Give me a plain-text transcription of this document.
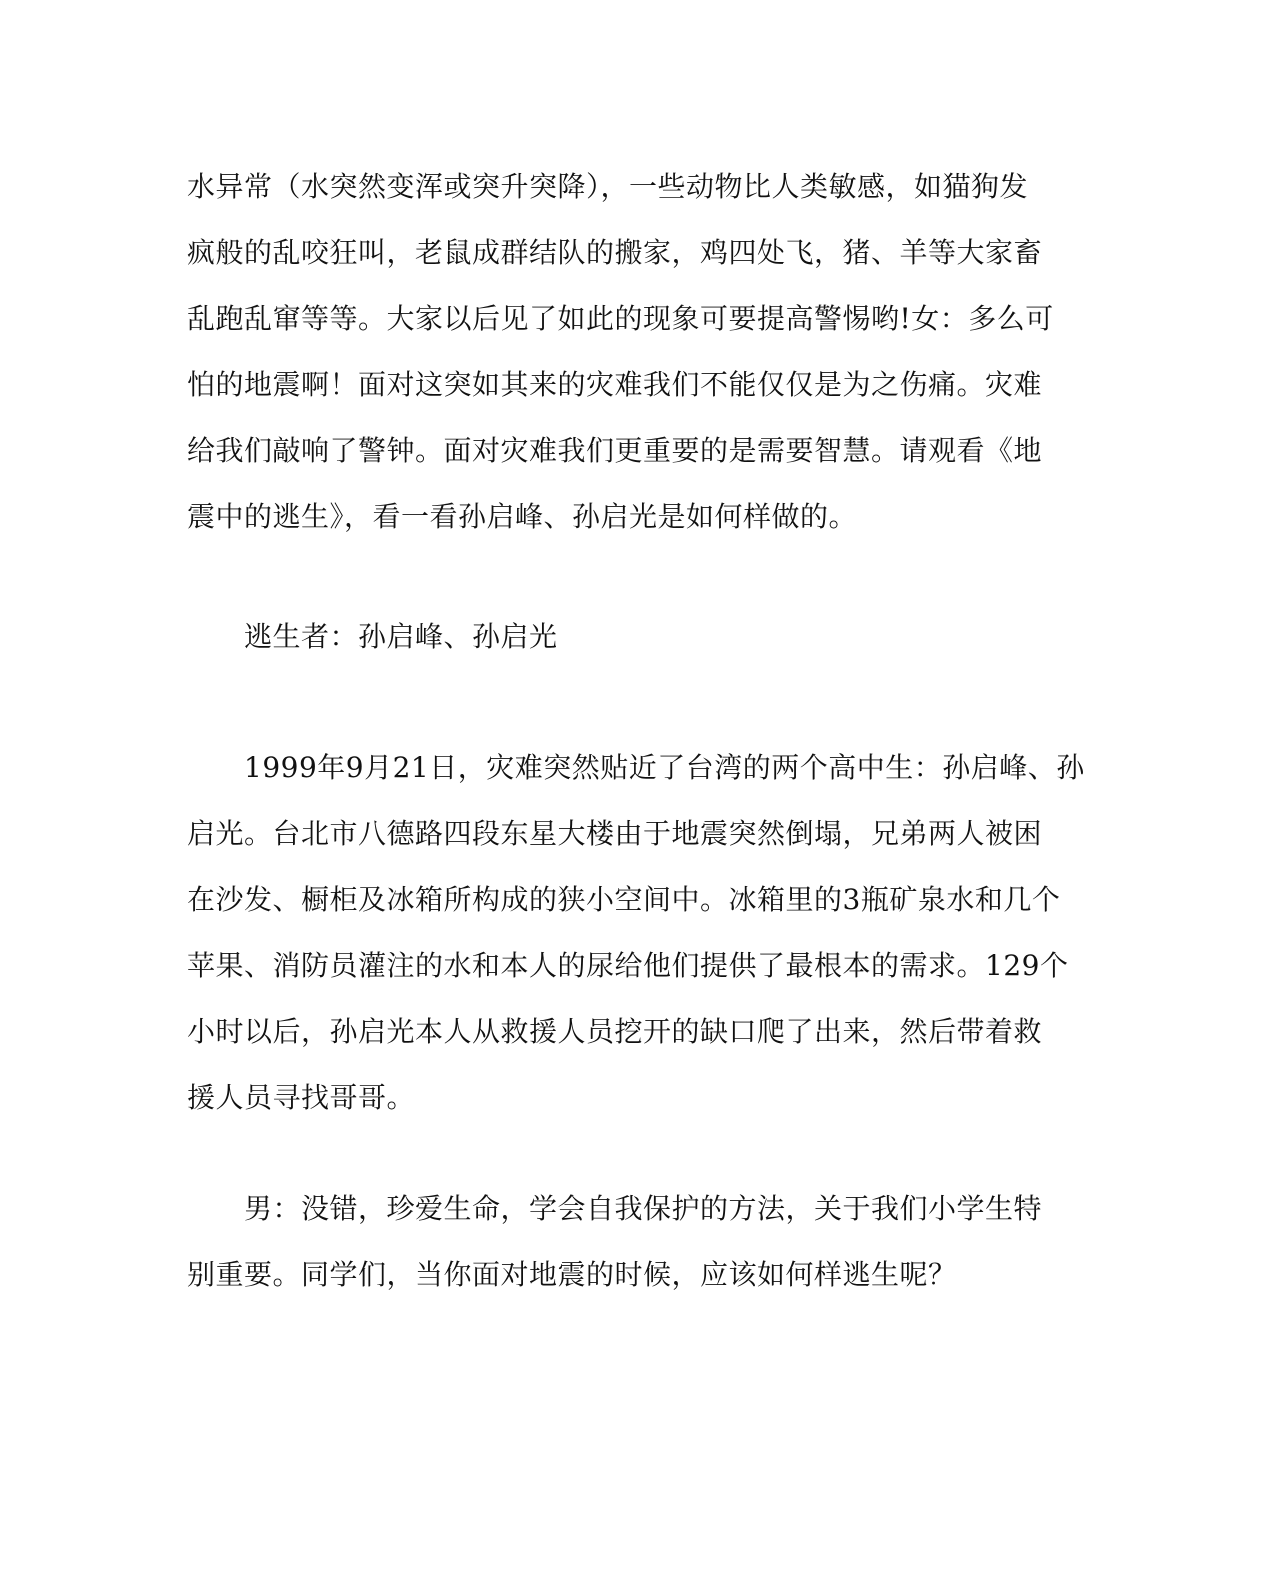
水异常（水突然变浑或突升突降），一些动物比人类敏感，如猫狗发
疯般的乱咬狂叫，老鼠成群结队的搬家，鸡四处飞，猪、羊等大家畜
乱跑乱窜等等。大家以后见了如此的现象可要提高警惕哟!女：多么可
怕的地震啊！面对这突如其来的灾难我们不能仅仅是为之伤痛。灾难
给我们敲响了警钟。面对灾难我们更重要的是需要智慧。请观看《地
震中的逃生》，看一看孙启峰、孙启光是如何样做的。
逃生者：孙启峰、孙启光
1999年9月21日，灾难突然贴近了台湾的两个高中生：孙启峰、孙
启光。台北市八德路四段东星大楼由于地震突然倒塌，兄弟两人被困
在沙发、橱柜及冰箱所构成的狭小空间中。冰箱里的3瓶矿泉水和几个
苹果、消防员灌注的水和本人的尿给他们提供了最根本的需求。129个
小时以后，孙启光本人从救援人员挖开的缺口爬了出来，然后带着救
援人员寻找哥哥。
男：没错，珍爱生命，学会自我保护的方法，关于我们小学生特
别重要。同学们，当你面对地震的时候，应该如何样逃生呢？
